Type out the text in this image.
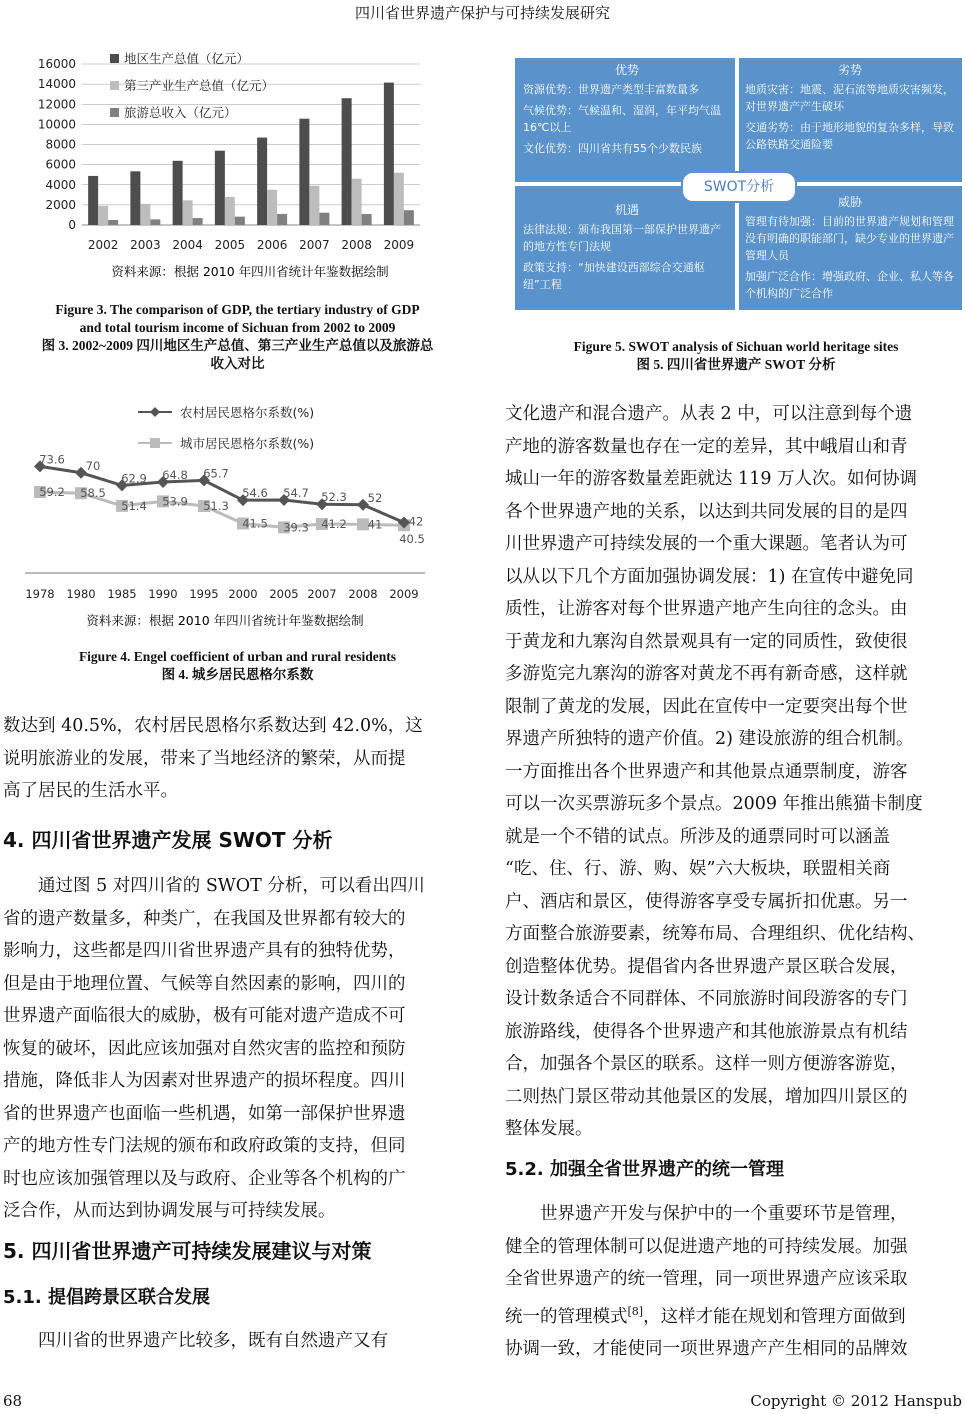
四川省世界遗产保护与可持续发展研究
0
2000
4000
6000
8000
10000
12000
14000
16000
2002 2003 2004 2005 2006 2007 2008 2009
地区生产总值（亿元）
第三产业生产总值（亿元）
旅游总收入（亿元）
资料来源：根据 2010 年四川省统计年鉴数据绘制
Figure 3. The comparison of GDP, the tertiary industry of GDP
and total tourism income of Sichuan from 2002 to 2009
图 3. 2002~2009 四川地区生产总值、第三产业生产总值以及旅游总
收入对比
农村居民恩格尔系数(%)
城市居民恩格尔系数(%)
73.6 70
62.9 64.8 65.7
54.6 54.7 52.3 52
42
59.2 58.5
51.4 53.9 51.3
41.5 39.3 41.2 41
40.5
1978 1980 1985 1990 1995 2000 2005 2007 2008 2009
资料来源：根据 2010 年四川省统计年鉴数据绘制
Figure 4. Engel coefficient of urban and rural residents
图 4. 城乡居民恩格尔系数

数达到 40.5%，农村居民恩格尔系数达到 42.0%，这

说明旅游业的发展，带来了当地经济的繁荣，从而提

高了居民的生活水平。

4. 四川省世界遗产发展 SWOT 分析

通过图 5 对四川省的 SWOT 分析，可以看出四川

省的遗产数量多，种类广，在我国及世界都有较大的

影响力，这些都是四川省世界遗产具有的独特优势，

但是由于地理位置、气候等自然因素的影响，四川的

世界遗产面临很大的威胁，极有可能对遗产造成不可

恢复的破坏，因此应该加强对自然灾害的监控和预防

措施，降低非人为因素对世界遗产的损坏程度。四川

省的世界遗产也面临一些机遇，如第一部保护世界遗

产的地方性专门法规的颁布和政府政策的支持，但同

时也应该加强管理以及与政府、企业等各个机构的广

泛合作，从而达到协调发展与可持续发展。

5. 四川省世界遗产可持续发展建议与对策
5.1. 提倡跨景区联合发展
四川省的世界遗产比较多，既有自然遗产又有
优势

资源优势：世界遗产类型丰富数量多

气候优势：气候温和、湿润，年平均气温16℃以上

文化优势：四川省共有55个少数民族

劣势

地质灾害：地震、泥石流等地质灾害频发，对世界遗产产生破坏

交通劣势：由于地形地貌的复杂多样，导致公路铁路交通险要

机遇

法律法规：颁布我国第一部保护世界遗产的地方性专门法规

政策支持：“加快建设西部综合交通枢纽”工程

威胁

管理有待加强：目前的世界遗产规划和管理没有明确的职能部门，缺少专业的世界遗产管理人员

加强广泛合作：增强政府、企业、私人等各个机构的广泛合作

SWOT分析
Figure 5. SWOT analysis of Sichuan world heritage sites
图 5. 四川省世界遗产 SWOT 分析

文化遗产和混合遗产。从表 2 中，可以注意到每个遗

产地的游客数量也存在一定的差异，其中峨眉山和青

城山一年的游客数量差距就达 119 万人次。如何协调

各个世界遗产地的关系，以达到共同发展的目的是四

川世界遗产可持续发展的一个重大课题。笔者认为可

以从以下几个方面加强协调发展：1) 在宣传中避免同

质性，让游客对每个世界遗产地产生向往的念头。由

于黄龙和九寨沟自然景观具有一定的同质性，致使很

多游览完九寨沟的游客对黄龙不再有新奇感，这样就

限制了黄龙的发展，因此在宣传中一定要突出每个世

界遗产所独特的遗产价值。2) 建设旅游的组合机制。

一方面推出各个世界遗产和其他景点通票制度，游客

可以一次买票游玩多个景点。2009 年推出熊猫卡制度

就是一个不错的试点。所涉及的通票同时可以涵盖

“吃、住、行、游、购、娱”六大板块，联盟相关商

户、酒店和景区，使得游客享受专属折扣优惠。另一

方面整合旅游要素，统筹布局、合理组织、优化结构、

创造整体优势。提倡省内各世界遗产景区联合发展，

设计数条适合不同群体、不同旅游时间段游客的专门

旅游路线，使得各个世界遗产和其他旅游景点有机结

合，加强各个景区的联系。这样一则方便游客游览，

二则热门景区带动其他景区的发展，增加四川景区的

整体发展。

5.2. 加强全省世界遗产的统一管理

世界遗产开发与保护中的一个重要环节是管理，

健全的管理体制可以促进遗产地的可持续发展。加强

全省世界遗产的统一管理，同一项世界遗产应该采取

统一的管理模式[8]，这样才能在规划和管理方面做到

协调一致，才能使同一项世界遗产产生相同的品牌效

68	Copyright © 2012 Hanspub
